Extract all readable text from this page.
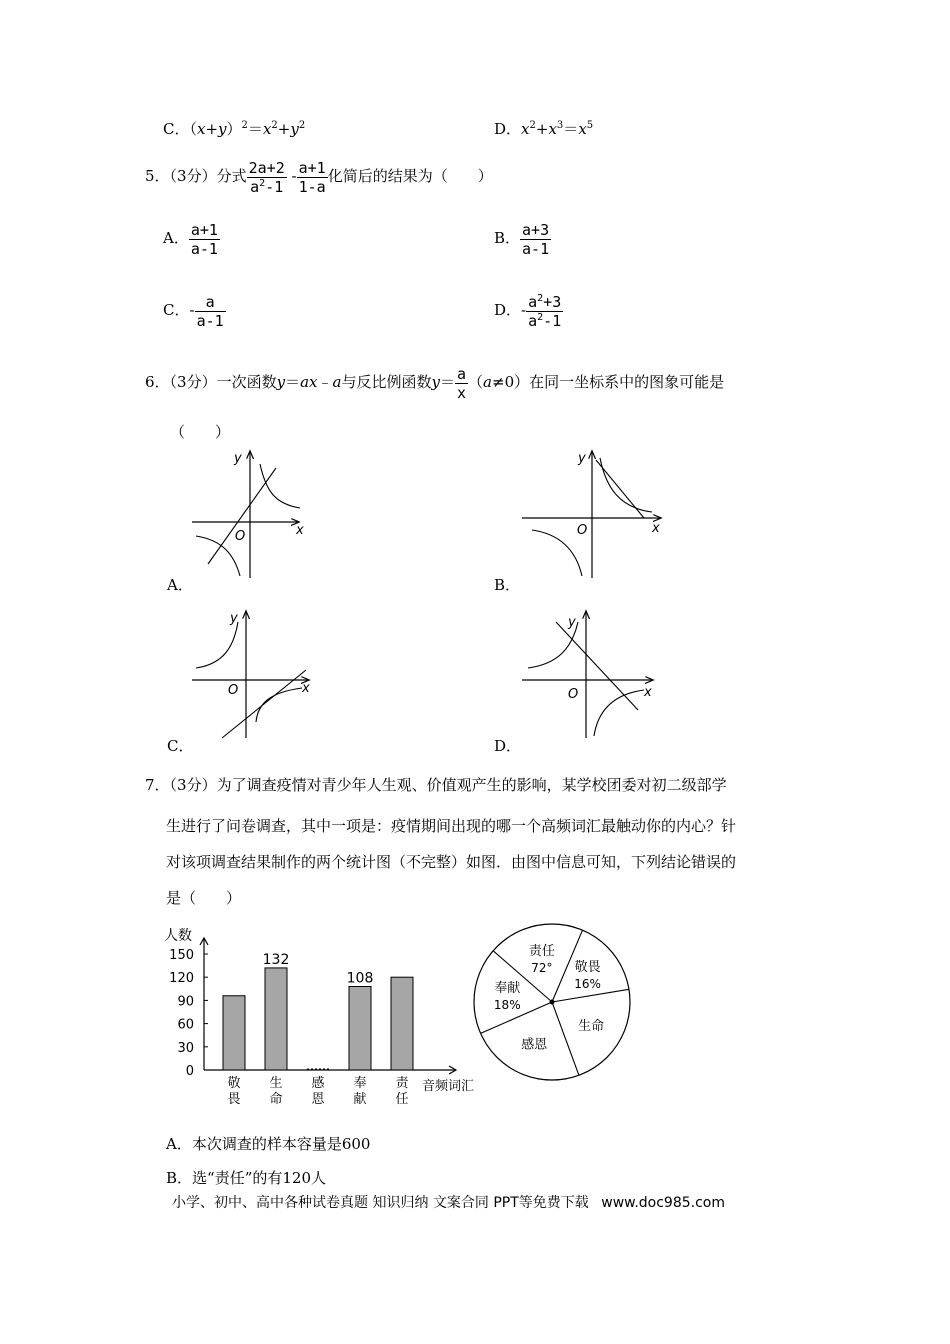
C．$(x+y)^2=x^2+y^2$	D．$x^2+x^3=x^5$
5．（3分）分式 $\frac{2a+2}{a^2-1} - \frac{a+1}{1-a}$ 化简后的结果为（　　）
A． $\frac{a+1}{a-1}$	B． $\frac{a+3}{a-1}$
C．- $\frac{a}{a-1}$	D．- $\frac{a^2+3}{a^2-1}$
6．（3分）一次函数y＝ax﹣a与反比例函数$y= \frac{a}{x} (a\ne 0)$在同一坐标系中的图象可能是
（　　）
y
x
O
A．
y
x
O
B．
y
x
O
C．
y
x
O
D．
7．（3分）为了调查疫情对青少年人生观、价值观产生的影响，某学校团委对初二级部学
生进行了问卷调查，其中一项是：疫情期间出现的哪一个高频词汇最触动你的内心？针
对该项调查结果制作的两个统计图（不完整）如图．由图中信息可知，下列结论错误的
是（　　）
人数
音频词汇
0
30
60
90
120
150
敬
畏
132
生
命
感
恩
108
奉
献
责
任
责任
72° 敬畏
16%
生命
感恩
奉献
18%
A．本次调查的样本容量是600
B．选“责任”的有120人
小学、初中、高中各种试卷真题 知识归纳 文案合同 PPT等免费下载 www.doc985.com
